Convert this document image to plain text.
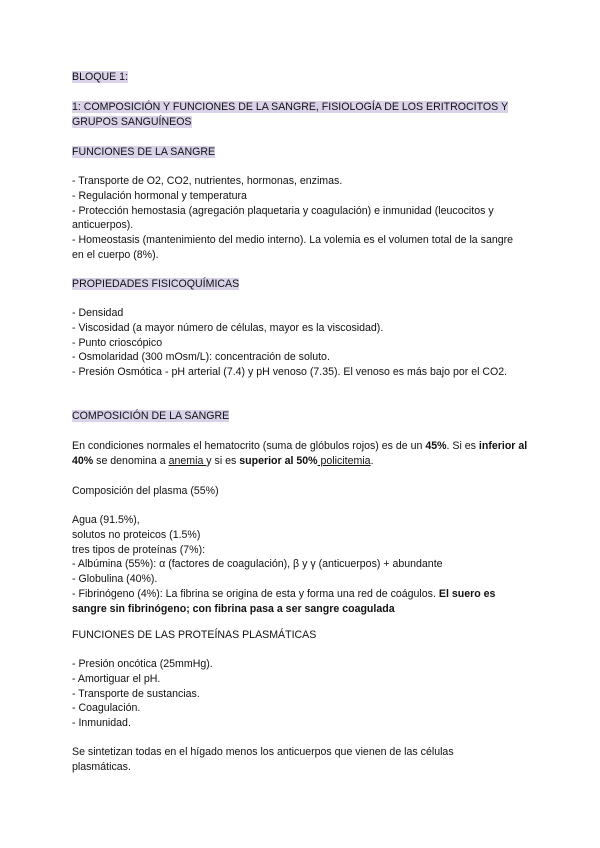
BLOQUE 1:
1: COMPOSICIÓN Y FUNCIONES DE LA SANGRE, FISIOLOGÍA DE LOS ERITROCITOS Y GRUPOS SANGUÍNEOS
FUNCIONES DE LA SANGRE
- Transporte de O2, CO2, nutrientes, hormonas, enzimas.
- Regulación hormonal y temperatura
- Protección hemostasia (agregación plaquetaria y coagulación) e inmunidad (leucocitos y anticuerpos).
- Homeostasis (mantenimiento del medio interno). La volemia es el volumen total de la sangre en el cuerpo (8%).
PROPIEDADES FISICOQUÍMICAS
- Densidad
- Viscosidad (a mayor número de células, mayor es la viscosidad).
- Punto crioscópico
- Osmolaridad (300 mOsm/L): concentración de soluto.
- Presión Osmótica - pH arterial (7.4) y pH venoso (7.35). El venoso es más bajo por el CO2.
COMPOSICIÓN DE LA SANGRE
En condiciones normales el hematocrito (suma de glóbulos rojos) es de un 45%. Si es inferior al 40% se denomina a anemia y si es superior al 50% policitemia.
Composición del plasma (55%)
Agua (91.5%),
solutos no proteicos (1.5%)
tres tipos de proteínas (7%):
- Albúmina (55%): α (factores de coagulación), β y γ (anticuerpos) + abundante
- Globulina (40%).
- Fibrinógeno (4%): La fibrina se origina de esta y forma una red de coágulos. El suero es sangre sin fibrinógeno; con fibrina pasa a ser sangre coagulada
FUNCIONES DE LAS PROTEÍNAS PLASMÁTICAS
- Presión oncótica (25mmHg).
- Amortiguar el pH.
- Transporte de sustancias.
- Coagulación.
- Inmunidad.
Se sintetizan todas en el hígado menos los anticuerpos que vienen de las células plasmáticas.
